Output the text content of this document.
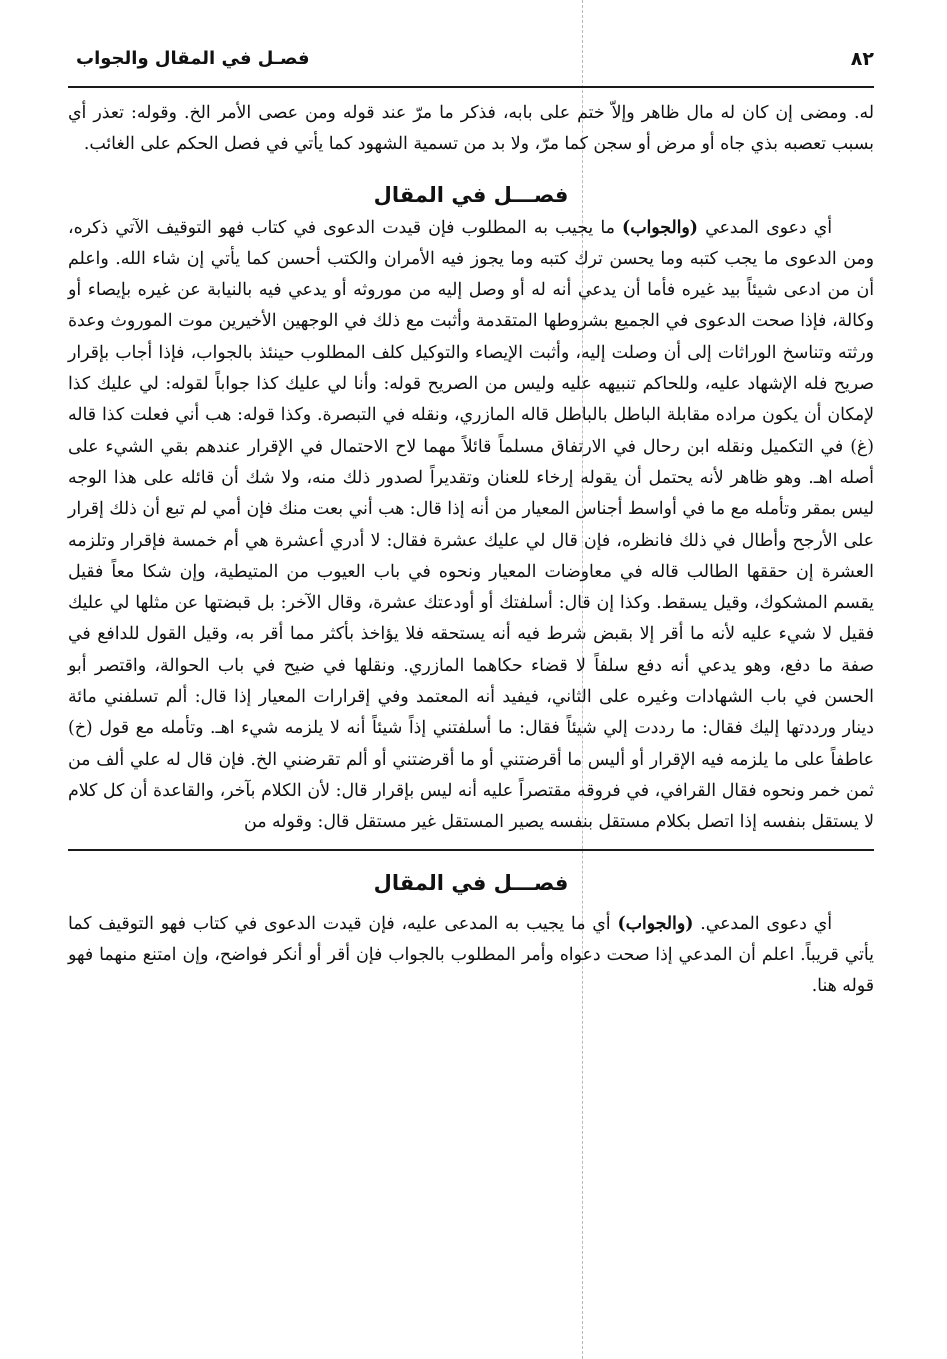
٨٢
فصـل في المقال والجواب

له. ومضى إن كان له مال ظاهر وإلاّ ختم على بابه، فذكر ما مرّ عند قوله ومن عصى الأمر الخ. وقوله: تعذر أي بسبب تعصبه بذي جاه أو مرض أو سجن كما مرّ، ولا بد من تسمية الشهود كما يأتي في فصل الحكم على الغائب.

فصـــل في المقال

أي دعوى المدعي (والجواب) ما يجيب به المطلوب فإن قيدت الدعوى في كتاب فهو التوقيف الآتي ذكره، ومن الدعوى ما يجب كتبه وما يحسن ترك كتبه وما يجوز فيه الأمران والكتب أحسن كما يأتي إن شاء الله. واعلم أن من ادعى شيئاً بيد غيره فأما أن يدعي أنه له أو وصل إليه من موروثه أو يدعي فيه بالنيابة عن غيره بإيصاء أو وكالة، فإذا صحت الدعوى في الجميع بشروطها المتقدمة وأثبت مع ذلك في الوجهين الأخيرين موت الموروث وعدة ورثته وتناسخ الوراثات إلى أن وصلت إليه، وأثبت الإيصاء والتوكيل كلف المطلوب حينئذ بالجواب، فإذا أجاب بإقرار صريح فله الإشهاد عليه، وللحاكم تنبيهه عليه وليس من الصريح قوله: وأنا لي عليك كذا جواباً لقوله: لي عليك كذا لإمكان أن يكون مراده مقابلة الباطل بالباطل قاله المازري، ونقله في التبصرة. وكذا قوله: هب أني فعلت كذا قاله (غ) في التكميل ونقله ابن رحال في الارتفاق مسلماً قائلاً مهما لاح الاحتمال في الإقرار عندهم بقي الشيء على أصله اهـ. وهو ظاهر لأنه يحتمل أن يقوله إرخاء للعنان وتقديراً لصدور ذلك منه، ولا شك أن قائله على هذا الوجه ليس بمقر وتأمله مع ما في أواسط أجناس المعيار من أنه إذا قال: هب أني بعت منك فإن أمي لم تبع أن ذلك إقرار على الأرجح وأطال في ذلك فانظره، فإن قال لي عليك عشرة فقال: لا أدري أعشرة هي أم خمسة فإقرار وتلزمه العشرة إن حققها الطالب قاله في معاوضات المعيار ونحوه في باب العيوب من المتيطية، وإن شكا معاً فقيل يقسم المشكوك، وقيل يسقط. وكذا إن قال: أسلفتك أو أودعتك عشرة، وقال الآخر: بل قبضتها عن مثلها لي عليك فقيل لا شيء عليه لأنه ما أقر إلا بقبض شرط فيه أنه يستحقه فلا يؤاخذ بأكثر مما أقر به، وقيل القول للدافع في صفة ما دفع، وهو يدعي أنه دفع سلفاً لا قضاء حكاهما المازري. ونقلها في ضيح في باب الحوالة، واقتصر أبو الحسن في باب الشهادات وغيره على الثاني، فيفيد أنه المعتمد وفي إقرارات المعيار إذا قال: ألم تسلفني مائة دينار ورددتها إليك فقال: ما رددت إلي شيئاً فقال: ما أسلفتني إذاً شيئاً أنه لا يلزمه شيء اهـ. وتأمله مع قول (خ) عاطفاً على ما يلزمه فيه الإقرار أو أليس ما أقرضتني أو ما أقرضتني أو ألم تقرضني الخ. فإن قال له علي ألف من ثمن خمر ونحوه فقال القرافي، في فروقه مقتصراً عليه أنه ليس بإقرار قال: لأن الكلام بآخر، والقاعدة أن كل كلام لا يستقل بنفسه إذا اتصل بكلام مستقل بنفسه يصير المستقل غير مستقل قال: وقوله من

فصـــل في المقال

أي دعوى المدعي. (والجواب) أي ما يجيب به المدعى عليه، فإن قيدت الدعوى في كتاب فهو التوقيف كما يأتي قريباً. اعلم أن المدعي إذا صحت دعواه وأمر المطلوب بالجواب فإن أقر أو أنكر فواضح، وإن امتنع منهما فهو قوله هنا.
